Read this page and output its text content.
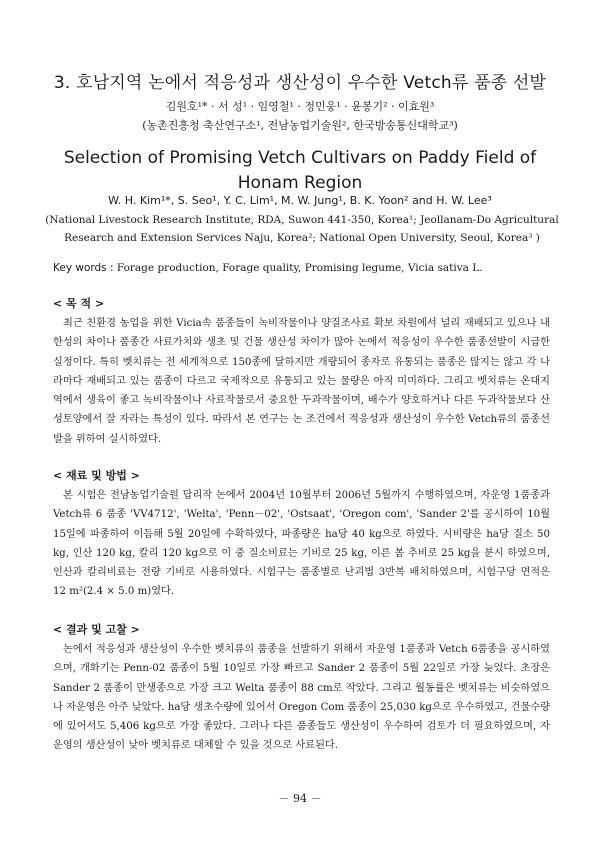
3. 호남지역 논에서 적응성과 생산성이 우수한 Vetch류 품종 선발
김원호¹* · 서 성¹ · 임영철¹ · 정민웅¹ · 윤봉기² · 이효원³
(농촌진흥청 축산연구소¹, 전남농업기술원², 한국방송통신대학교³)
Selection of Promising Vetch Cultivars on Paddy Field of Honam Region
W. H. Kim¹*, S. Seo¹, Y. C. Lim¹, M. W. Jung¹, B. K. Yoon² and H. W. Lee³
(National Livestock Research Institute, RDA, Suwon 441-350, Korea¹; Jeollanam-Do Agricultural Research and Extension Services Naju, Korea²; National Open University, Seoul, Korea³ )
Key words : Forage production, Forage quality, Promising legume, Vicia sativa L.
< 목 적 >

최근 친환경 농업을 위한 Vicia속 품종들이 녹비작물이나 양질조사료 확보 차원에서 널리 재배되고 있으나 내한성의 차이나 품종간 사료가치와 생초 및 건물 생산성 차이가 많아 논에서 적응성이 우수한 품종선발이 시급한 실정이다. 특히 벳치류는 전 세계적으로 150종에 달하지만 개량되어 종자로 유통되는 품종은 많지는 않고 각 나라마다 재배되고 있는 품종이 다르고 국제적으로 유통되고 있는 물량은 아직 미미하다. 그리고 벳치류는 온대지역에서 생육이 좋고 녹비작물이나 사료작물로서 중요한 두과작물이며, 배수가 양호하거나 다른 두과작물보다 산성토양에서 잘 자라는 특성이 있다. 따라서 본 연구는 논 조건에서 적응성과 생산성이 우수한 Vetch류의 품종선발을 위하여 실시하였다.

< 재료 및 방법 >

본 시험은 전남농업기술원 답리작 논에서 2004년 10월부터 2006년 5월까지 수행하였으며, 자운영 1품종과 Vetch류 6 품종 'VV4712', 'Welta', 'Penn－02', 'Ostsaat', 'Oregon com', 'Sander 2'를 공시하여 10월 15일에 파종하여 이듬해 5월 20일에 수확하였다, 파종량은 ha당 40 kg으로 하였다. 시비량은 ha당 질소 50 kg, 인산 120 kg, 칼리 120 kg으로 이 중 질소비료는 기비로 25 kg, 이른 봄 추비로 25 kg을 분시 하였으며, 인산과 칼리비료는 전량 기비로 시용하였다. 시험구는 품종별로 난괴법 3반복 배치하였으며, 시험구당 면적은 12 m²(2.4 × 5.0 m)였다.

< 결과 및 고찰 >

논에서 적응성과 생산성이 우수한 벳치류의 품종을 선발하기 위해서 자운영 1품종과 Vetch 6품종을 공시하였으며, 개화기는 Penn-02 품종이 5월 10일로 가장 빠르고 Sander 2 품종이 5월 22일로 가장 늦었다. 초장은 Sander 2 품종이 만생종으로 가장 크고 Welta 품종이 88 cm로 작았다. 그리고 월동률은 벳치류는 비슷하였으나 자운영은 아주 낮았다. ha당 생초수량에 있어서 Oregon Com 품종이 25,030 kg으로 우수하였고, 건물수량에 있어서도 5,406 kg으로 가장 좋았다. 그러나 다른 품종들도 생산성이 우수하여 검토가 더 필요하였으며, 자운영의 생산성이 낮아 벳치류로 대체할 수 있을 것으로 사료된다.

－ 94 －
